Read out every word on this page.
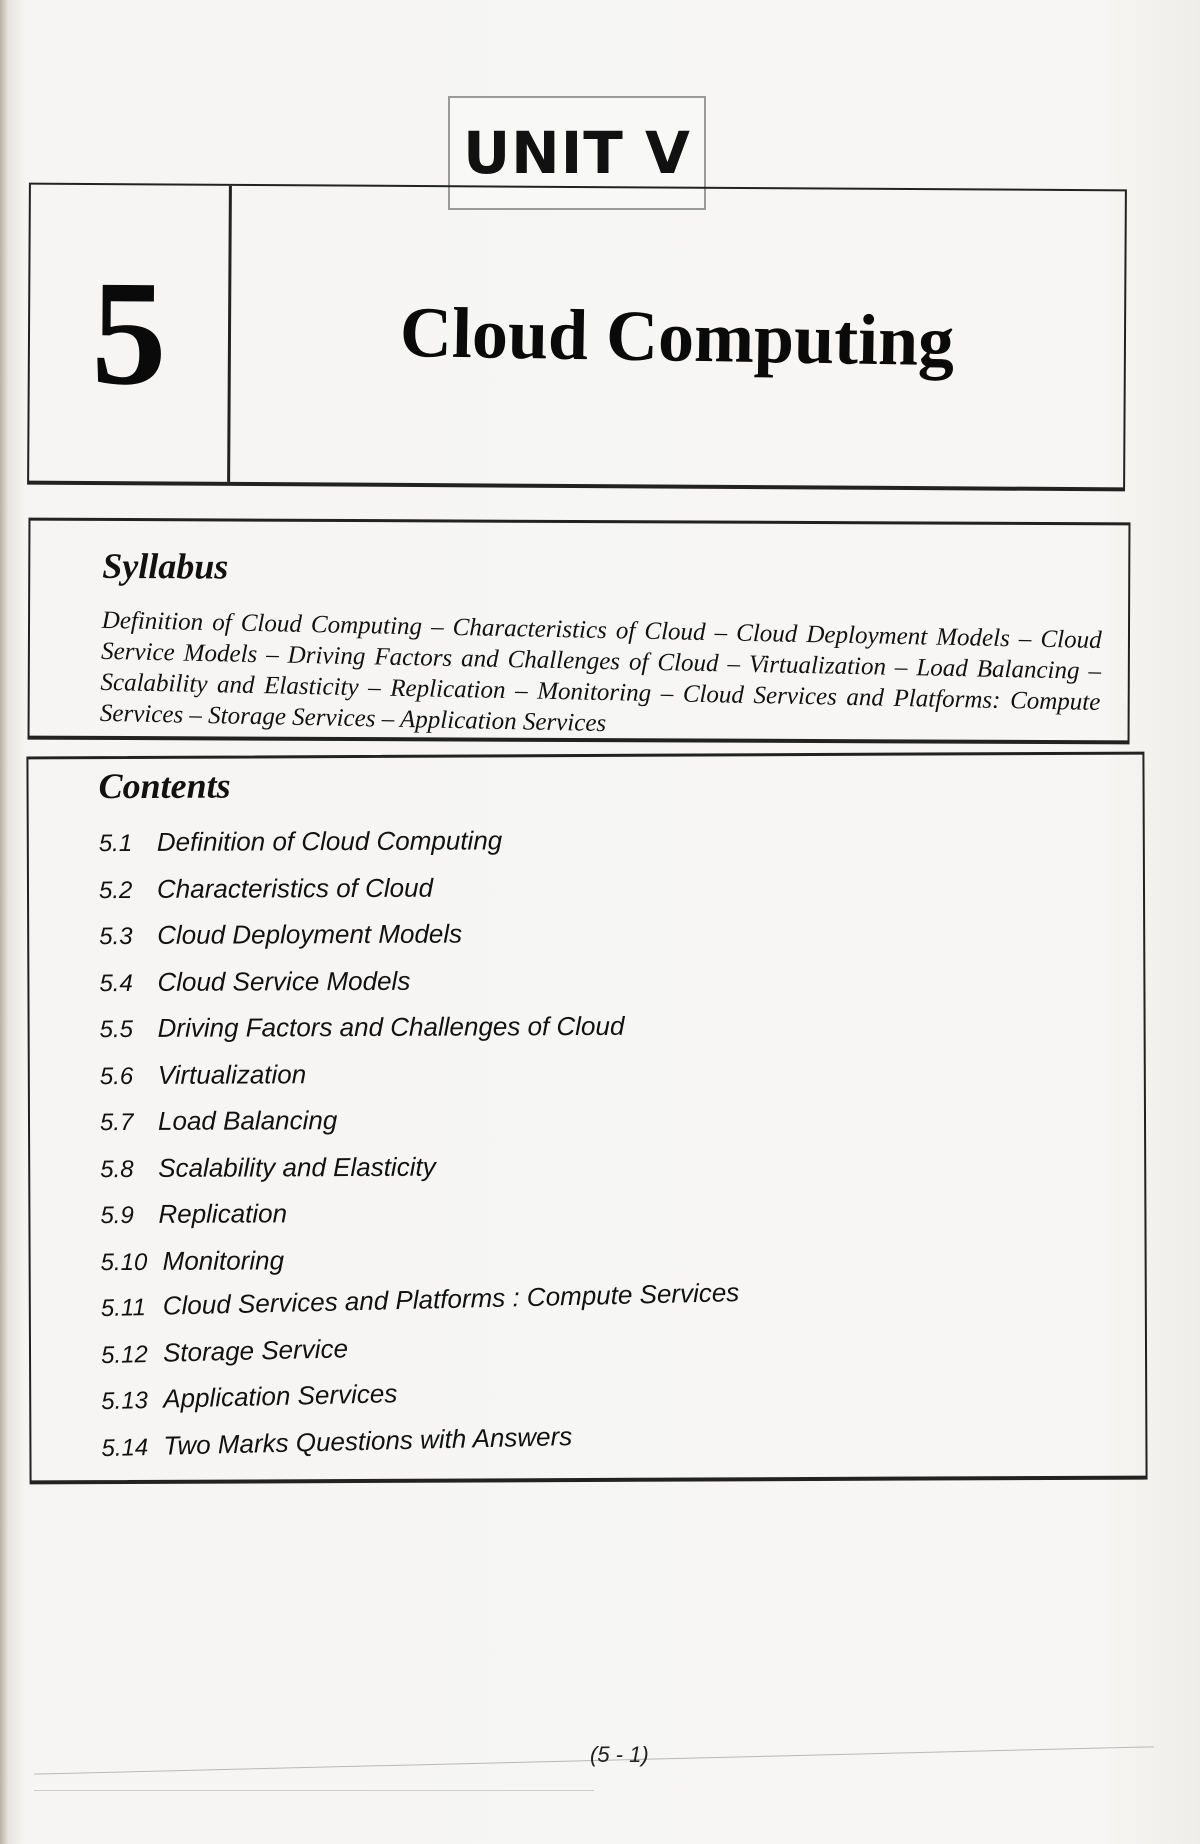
UNIT V
5	Cloud Computing
Syllabus
Definition of Cloud Computing – Characteristics of Cloud – Cloud Deployment Models – Cloud Service Models – Driving Factors and Challenges of Cloud – Virtualization – Load Balancing – Scalability and Elasticity – Replication – Monitoring – Cloud Services and Platforms: Compute Services – Storage Services – Application Services
Contents
5.1 Definition of Cloud Computing
5.2 Characteristics of Cloud
5.3 Cloud Deployment Models
5.4 Cloud Service Models
5.5 Driving Factors and Challenges of Cloud
5.6 Virtualization
5.7 Load Balancing
5.8 Scalability and Elasticity
5.9 Replication
5.10 Monitoring
5.11 Cloud Services and Platforms : Compute Services
5.12 Storage Service
5.13 Application Services
5.14 Two Marks Questions with Answers
(5 - 1)
